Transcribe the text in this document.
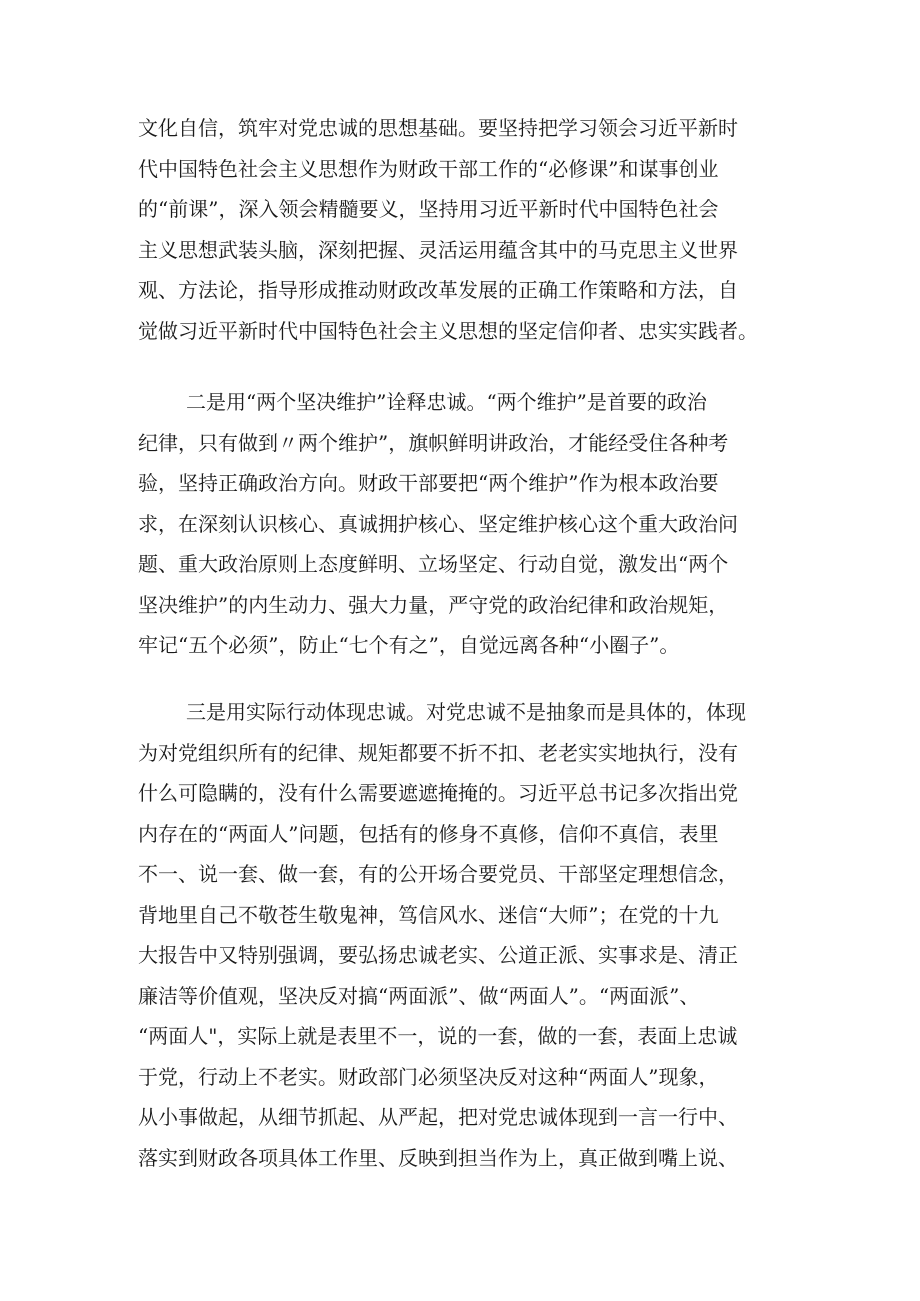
文化自信，筑牢对党忠诚的思想基础。要坚持把学习领会习近平新时
代中国特色社会主义思想作为财政干部工作的“必修课”和谋事创业
的“前课”，深入领会精髓要义，坚持用习近平新时代中国特色社会
主义思想武装头脑，深刻把握、灵活运用蕴含其中的马克思主义世界
观、方法论，指导形成推动财政改革发展的正确工作策略和方法，自
觉做习近平新时代中国特色社会主义思想的坚定信仰者、忠实实践者。
二是用“两个坚决维护”诠释忠诚。“两个维护”是首要的政治
纪律，只有做到〃两个维护”，旗帜鲜明讲政治，才能经受住各种考
验，坚持正确政治方向。财政干部要把“两个维护”作为根本政治要
求，在深刻认识核心、真诚拥护核心、坚定维护核心这个重大政治问
题、重大政治原则上态度鲜明、立场坚定、行动自觉，激发出“两个
坚决维护”的内生动力、强大力量，严守党的政治纪律和政治规矩，
牢记“五个必须”，防止“七个有之”，自觉远离各种“小圈子”。
三是用实际行动体现忠诚。对党忠诚不是抽象而是具体的，体现
为对党组织所有的纪律、规矩都要不折不扣、老老实实地执行，没有
什么可隐瞒的，没有什么需要遮遮掩掩的。习近平总书记多次指出党
内存在的“两面人”问题，包括有的修身不真修，信仰不真信，表里
不一、说一套、做一套，有的公开场合要党员、干部坚定理想信念，
背地里自己不敬苍生敬鬼神，笃信风水、迷信“大师”；在党的十九
大报告中又特别强调，要弘扬忠诚老实、公道正派、实事求是、清正
廉洁等价值观，坚决反对搞“两面派”、做“两面人”。“两面派”、
“两面人"，实际上就是表里不一，说的一套，做的一套，表面上忠诚
于党，行动上不老实。财政部门必须坚决反对这种“两面人”现象，
从小事做起，从细节抓起、从严起，把对党忠诚体现到一言一行中、
落实到财政各项具体工作里、反映到担当作为上，真正做到嘴上说、
